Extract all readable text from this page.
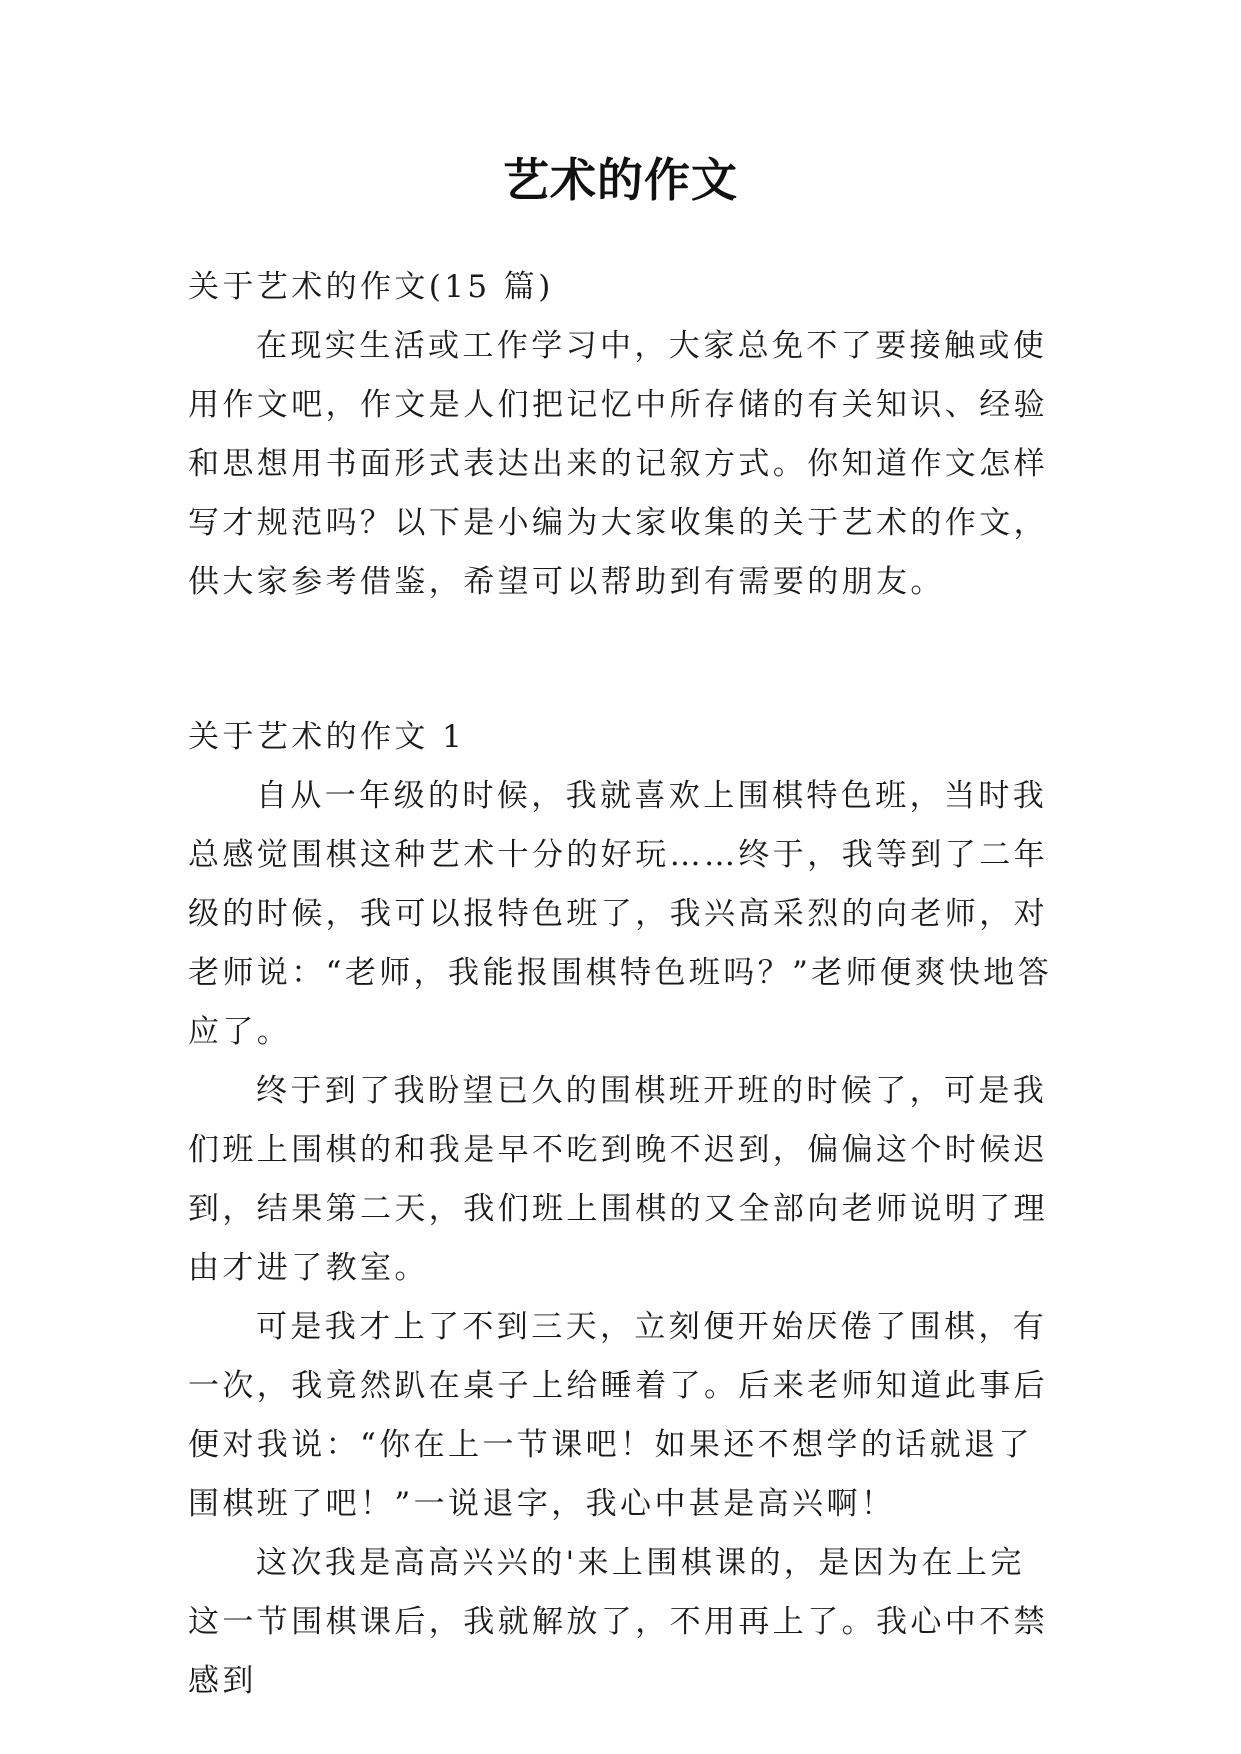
艺术的作文

关于艺术的作文(15 篇)

在现实生活或工作学习中，大家总免不了要接触或使用作文吧，作文是人们把记忆中所存储的有关知识、经验和思想用书面形式表达出来的记叙方式。你知道作文怎样写才规范吗？以下是小编为大家收集的关于艺术的作文，供大家参考借鉴，希望可以帮助到有需要的朋友。

关于艺术的作文 1

自从一年级的时候，我就喜欢上围棋特色班，当时我总感觉围棋这种艺术十分的好玩……终于，我等到了二年级的时候，我可以报特色班了，我兴高采烈的向老师，对老师说：“老师，我能报围棋特色班吗？”老师便爽快地答应了。

终于到了我盼望已久的围棋班开班的时候了，可是我们班上围棋的和我是早不吃到晚不迟到，偏偏这个时候迟到，结果第二天，我们班上围棋的又全部向老师说明了理由才进了教室。

可是我才上了不到三天，立刻便开始厌倦了围棋，有一次，我竟然趴在桌子上给睡着了。后来老师知道此事后便对我说：“你在上一节课吧！如果还不想学的话就退了围棋班了吧！”一说退字，我心中甚是高兴啊！

这次我是高高兴兴的'来上围棋课的，是因为在上完这一节围棋课后，我就解放了，不用再上了。我心中不禁感到
